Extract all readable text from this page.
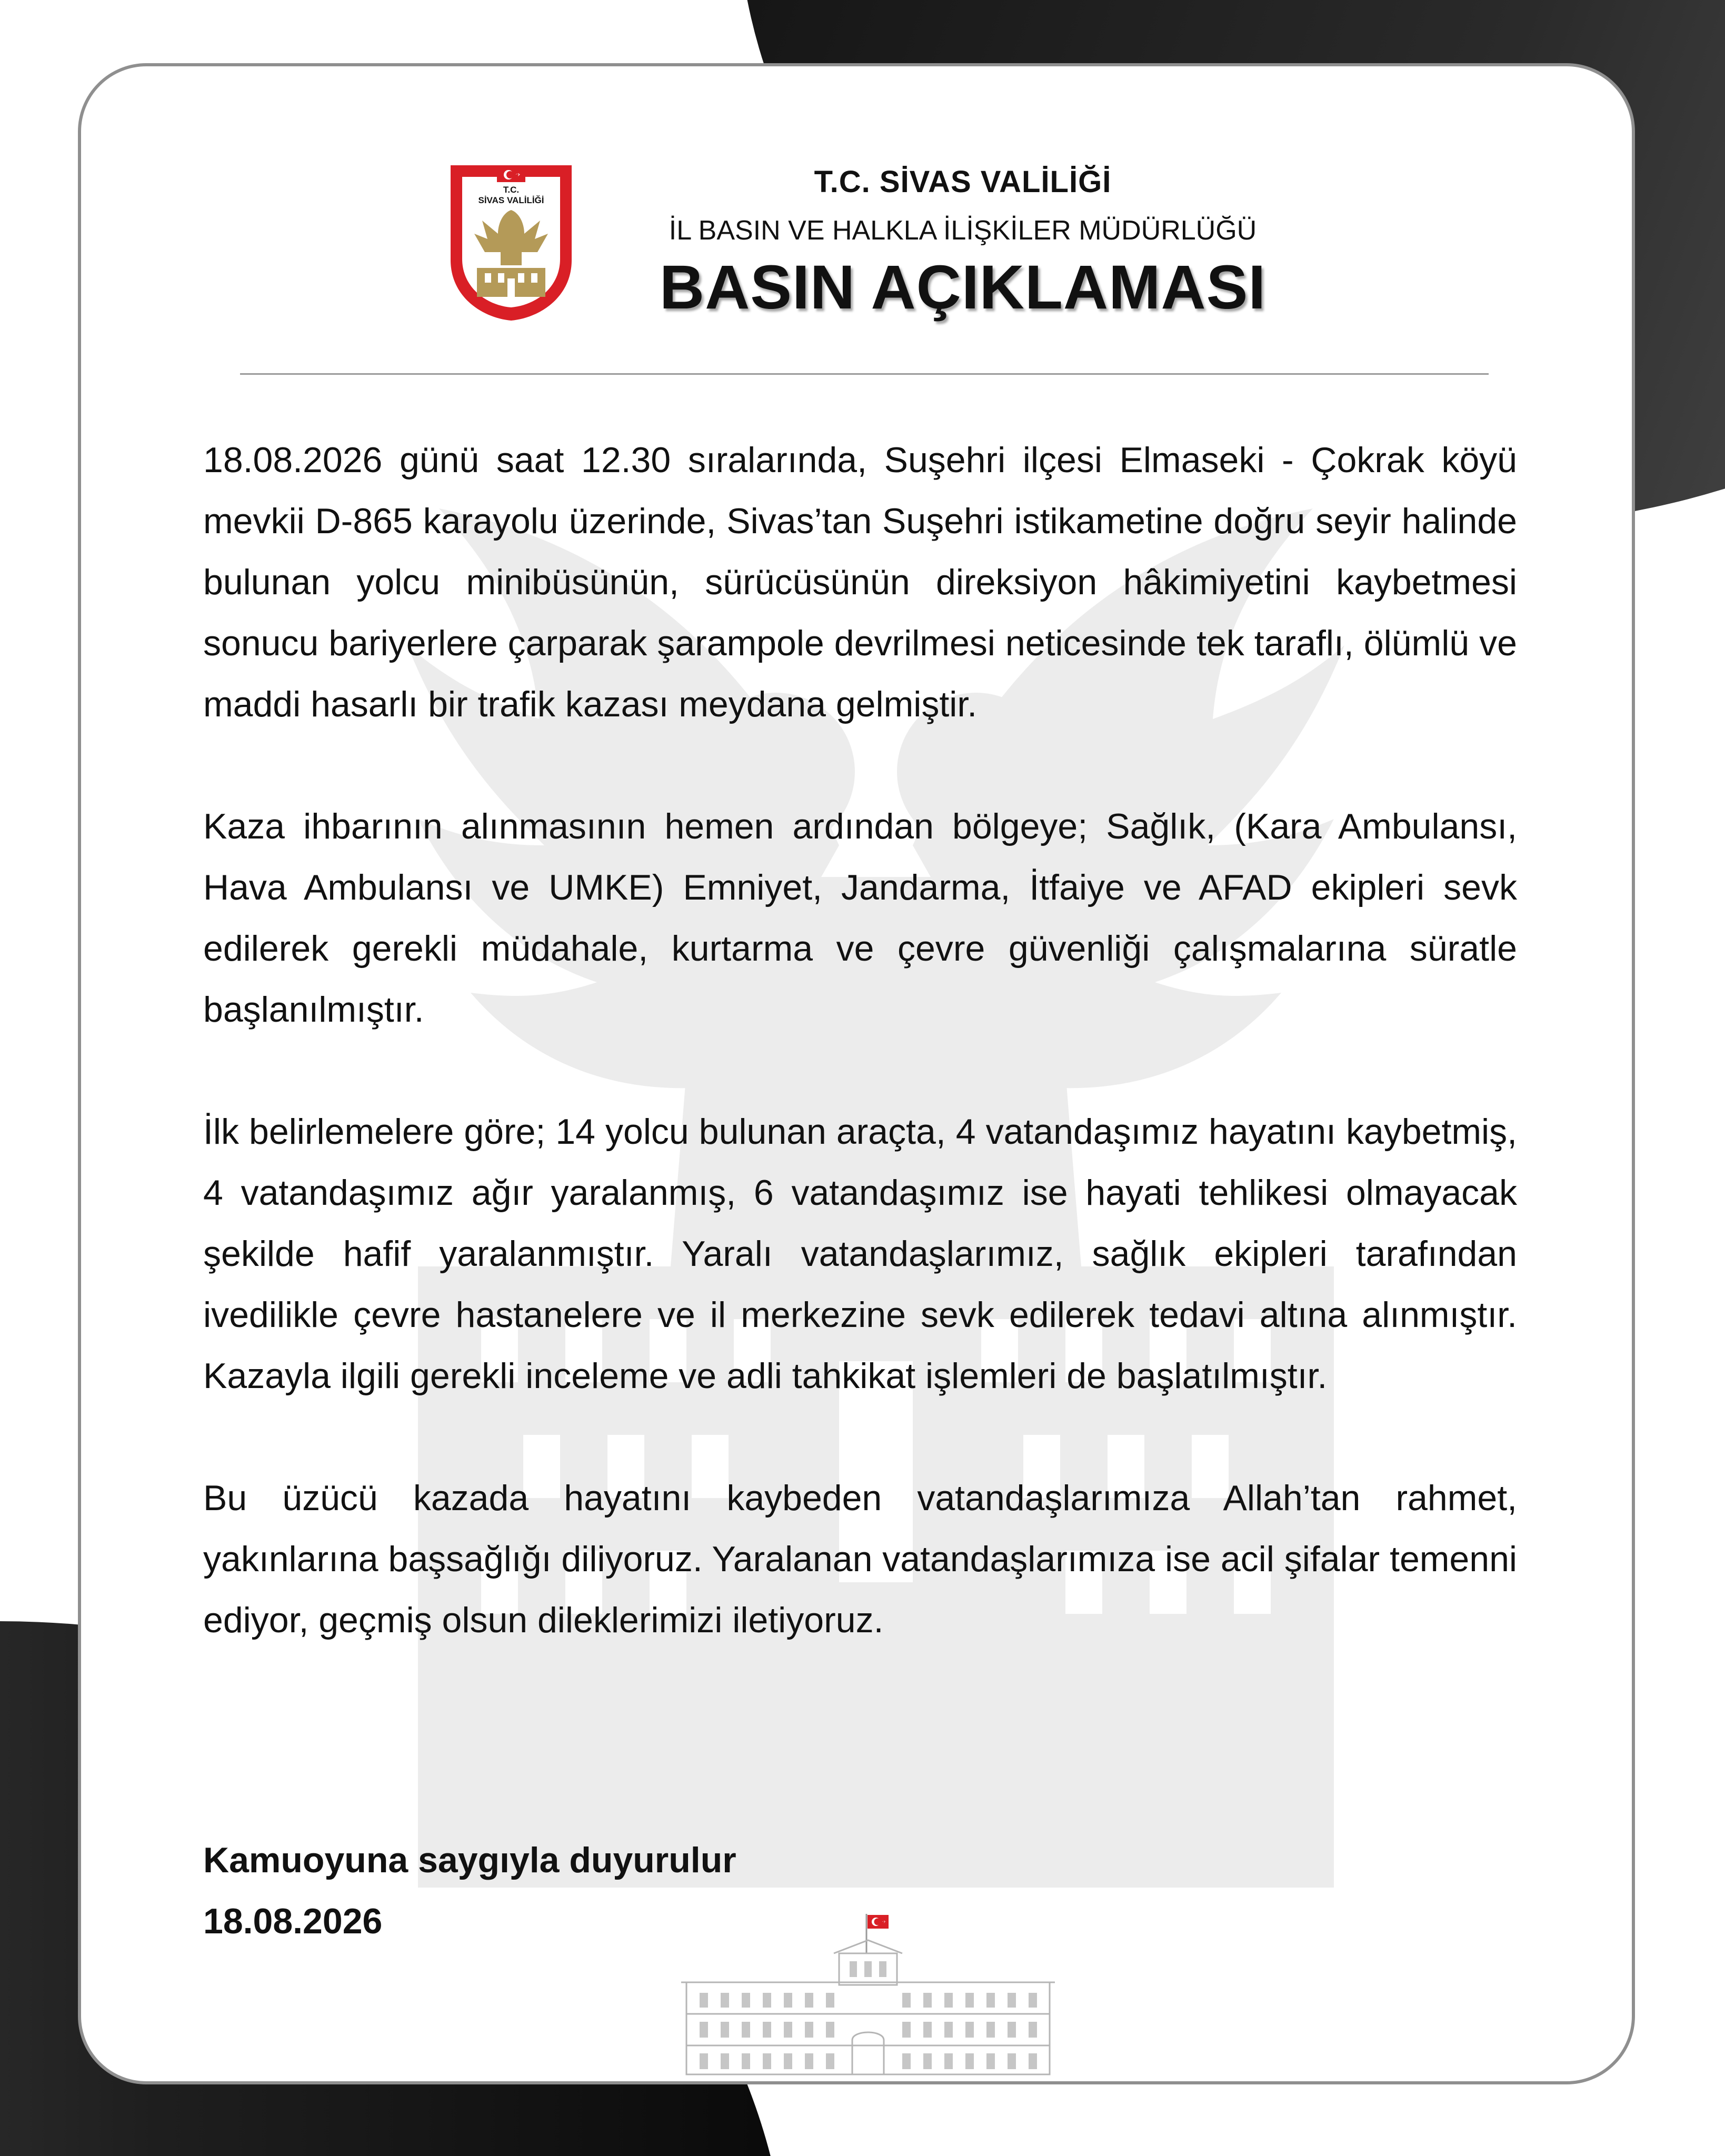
T.C.
SİVAS VALİLİĞİ
T.C. SİVAS VALİLİĞİ
İL BASIN VE HALKLA İLİŞKİLER MÜDÜRLÜĞÜ
BASIN AÇIKLAMASI

18.08.2026 günü saat 12.30 sıralarında, Suşehri ilçesi Elmaseki - Çokrak köyü mevkii D-865 karayolu üzerinde, Sivas’tan Suşehri istikametine doğru seyir halinde bulunan yolcu minibüsünün, sürücüsünün direksiyon hâkimiyetini kaybetmesi sonucu bariyerlere çarparak şarampole devrilmesi neticesinde tek taraflı, ölümlü ve maddi hasarlı bir trafik kazası meydana gelmiştir.

Kaza ihbarının alınmasının hemen ardından bölgeye; Sağlık, (Kara Ambulansı, Hava Ambulansı ve UMKE) Emniyet, Jandarma, İtfaiye ve AFAD ekipleri sevk edilerek gerekli müdahale, kurtarma ve çevre güvenliği çalışmalarına süratle başlanılmıştır.

İlk belirlemelere göre; 14 yolcu bulunan araçta, 4 vatandaşımız hayatını kaybetmiş, 4 vatandaşımız ağır yaralanmış, 6 vatandaşımız ise hayati tehlikesi olmayacak şekilde hafif yaralanmıştır. Yaralı vatandaşlarımız, sağlık ekipleri tarafından ivedilikle çevre hastanelere ve il merkezine sevk edilerek tedavi altına alınmıştır. Kazayla ilgili gerekli inceleme ve adli tahkikat işlemleri de başlatılmıştır.

Bu üzücü kazada hayatını kaybeden vatandaşlarımıza Allah’tan rahmet, yakınlarına başsağlığı diliyoruz. Yaralanan vatandaşlarımıza ise acil şifalar temenni ediyor, geçmiş olsun dileklerimizi iletiyoruz.

Kamuoyuna saygıyla duyurulur
18.08.2026
